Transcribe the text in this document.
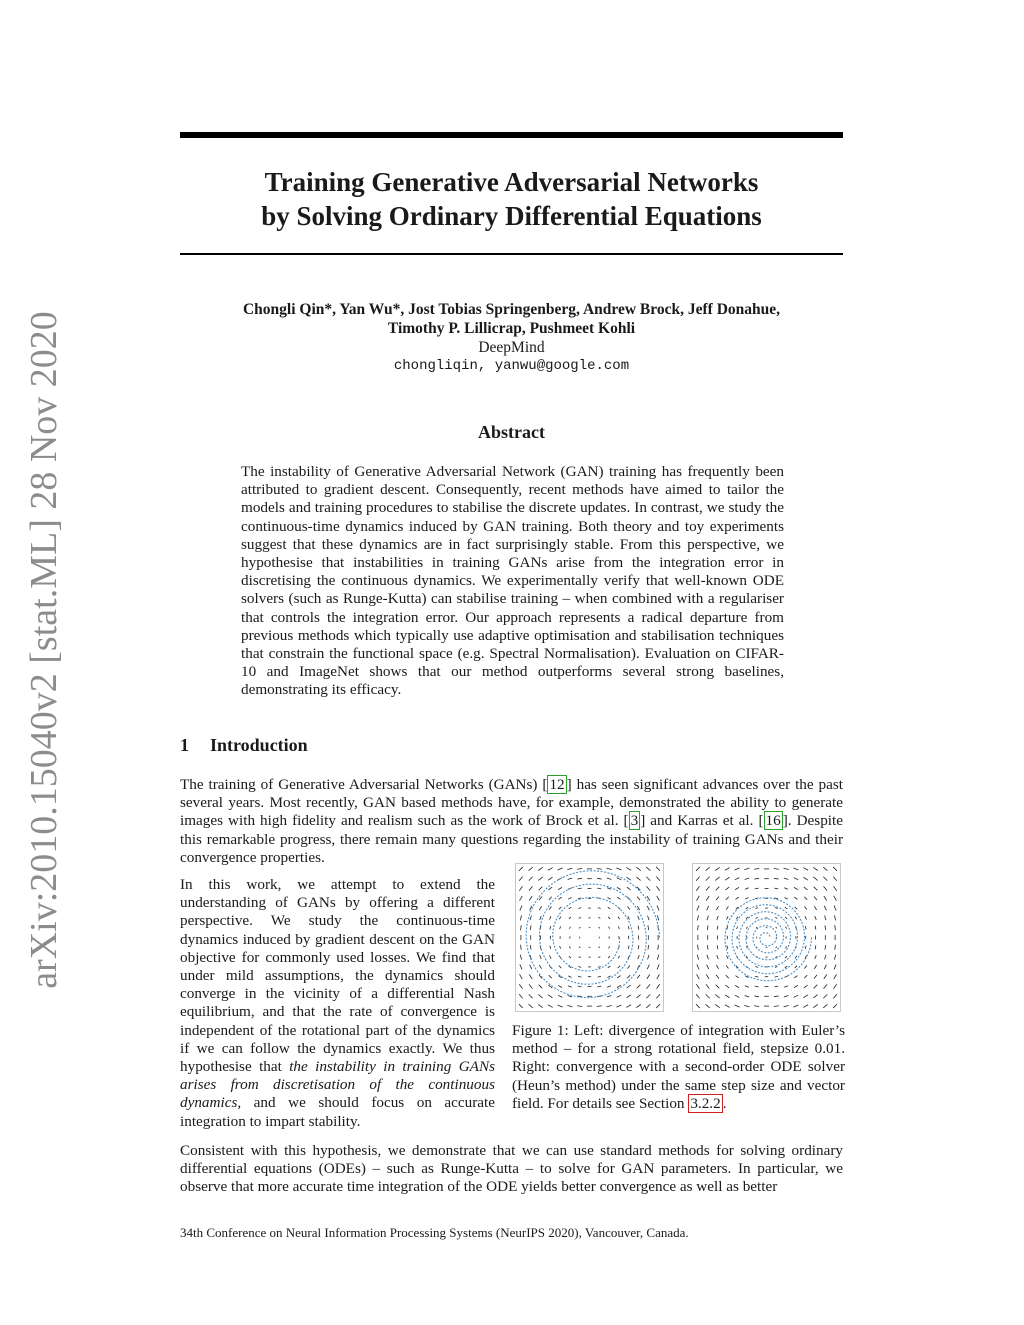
arXiv:2010.15040v2 [stat.ML] 28 Nov 2020
Training Generative Adversarial Networks
by Solving Ordinary Differential Equations
Chongli Qin*, Yan Wu*, Jost Tobias Springenberg, Andrew Brock, Jeff Donahue,
Timothy P. Lillicrap, Pushmeet Kohli
DeepMind
chongliqin, yanwu@google.com
Abstract
The instability of Generative Adversarial Network (GAN) training has frequently been attributed to gradient descent. Consequently, recent methods have aimed to tailor the models and training procedures to stabilise the discrete updates. In contrast, we study the continuous-time dynamics induced by GAN training. Both theory and toy experiments suggest that these dynamics are in fact surprisingly stable. From this perspective, we hypothesise that instabilities in training GANs arise from the integration error in discretising the continuous dynamics. We experimentally verify that well-known ODE solvers (such as Runge-Kutta) can stabilise training – when combined with a regulariser that controls the integration error. Our approach represents a radical departure from previous methods which typically use adaptive optimisation and stabilisation techniques that constrain the functional space (e.g. Spectral Normalisation). Evaluation on CIFAR-10 and ImageNet shows that our method outperforms several strong baselines, demonstrating its efficacy.
1 Introduction
The training of Generative Adversarial Networks (GANs) [ 12 ] has seen significant advances over the past several years. Most recently, GAN based methods have, for example, demonstrated the ability to generate images with high fidelity and realism such as the work of Brock et al. [ 3 ] and Karras et al. [ 16 ]. Despite this remarkable progress, there remain many questions regarding the instability of training GANs and their convergence properties.
In this work, we attempt to extend the understanding of GANs by offering a different perspective. We study the continuous-time dynamics induced by gradient descent on the GAN objective for commonly used losses. We find that under mild assumptions, the dynamics should converge in the vicinity of a differential Nash equilibrium, and that the rate of convergence is independent of the rotational part of the dynamics if we can follow the dynamics exactly. We thus hypothesise that the instability in training GANs arises from discretisation of the continuous dynamics, and we should focus on accurate integration to impart stability.
Figure 1: Left: divergence of integration with Euler’s method – for a strong rotational field, stepsize 0.01. Right: convergence with a second-order ODE solver (Heun’s method) under the same step size and vector field. For details see Section 3.2.2 .
Consistent with this hypothesis, we demonstrate that we can use standard methods for solving ordinary differential equations (ODEs) – such as Runge-Kutta – to solve for GAN parameters. In particular, we observe that more accurate time integration of the ODE yields better convergence as well as better
34th Conference on Neural Information Processing Systems (NeurIPS 2020), Vancouver, Canada.
